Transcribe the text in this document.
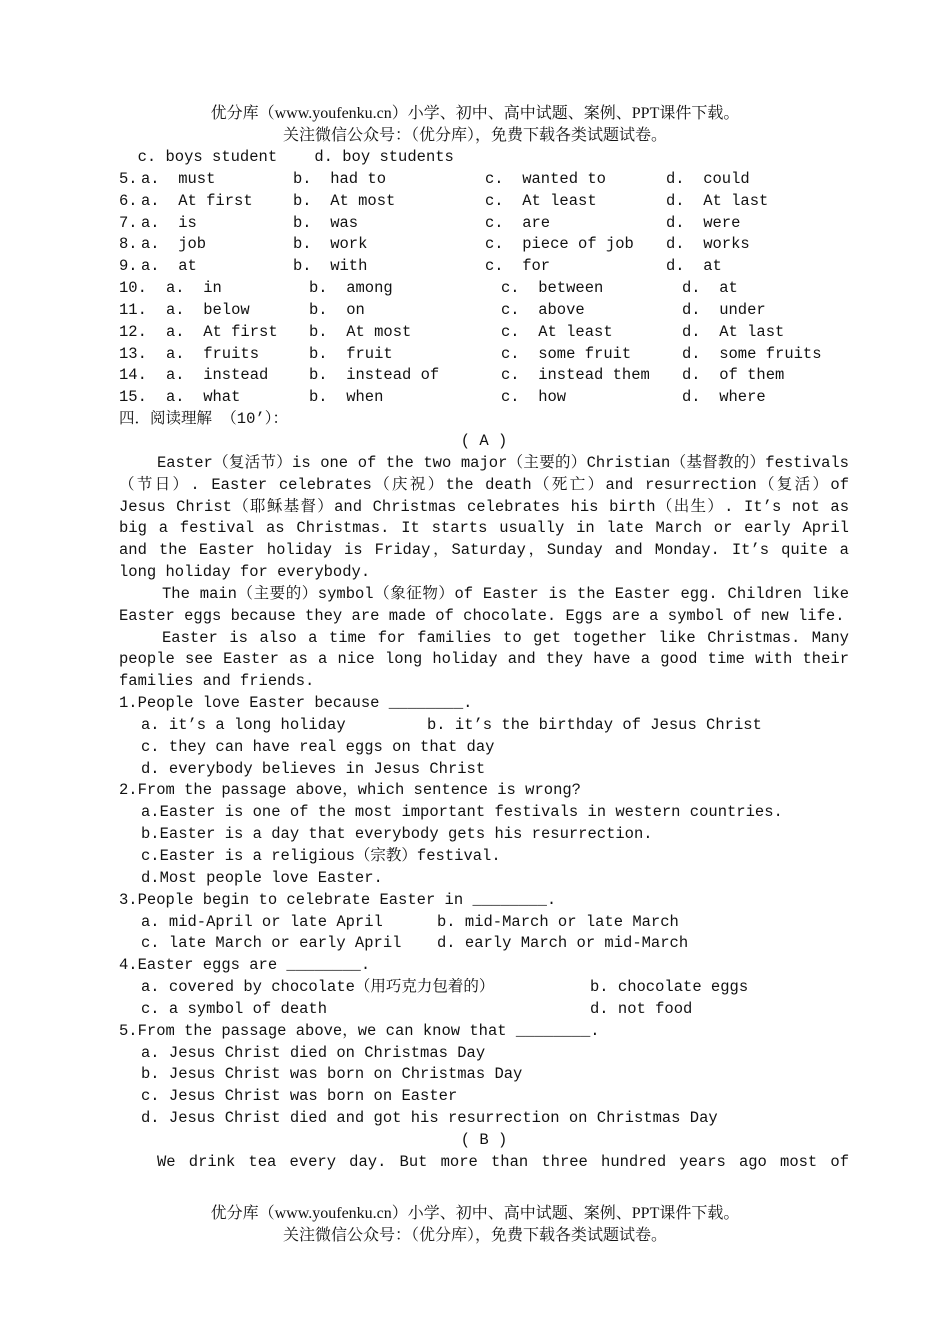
优分库（www.youfenku.cn）小学、初中、高中试题、案例、PPT课件下载。
关注微信公众号：（优分库），免费下载各类试题试卷。
c. boys student    d. boy students
5. a.  must	b.  had to	c.  wanted to	d.  could
6. a.  At first	b.  At most	c.  At least	d.  At last
7. a.  is	b.  was	c.  are	d.  were
8. a.  job	b.  work	c.  piece of job d.  works
9. a.  at	b.  with	c.  for	d.  at
10. a.  in	b.  among	c.  between	d.  at
11. a.  below	b.  on	c.  above	d.  under
12. a.  At first b.  At most	c.  At least	d.  At last
13. a.  fruits	b.  fruit	c.  some fruit	d.  some fruits
14. a.  instead	b.  instead of	c.  instead them d.  of them
15. a.  what	b.  when	c.  how	d.  where
四．阅读理解 （10’）：
( A )
Easter（复活节）is one of the two major（主要的）Christian（基督教的）festivals（节日）. Easter celebrates（庆祝）the death（死亡）and resurrection（复活）of Jesus Christ（耶稣基督）and Christmas celebrates his birth（出生）. It’s not as big a festival as Christmas. It starts usually in late March or early April and the Easter holiday is Friday，Saturday，Sunday and Monday. It’s quite a long holiday for everybody.
The main（主要的）symbol（象征物）of Easter is the Easter egg. Children like Easter eggs because they are made of chocolate. Eggs are a symbol of new life.
Easter is also a time for families to get together like Christmas. Many people see Easter as a nice long holiday and they have a good time with their families and friends.
1.People love Easter because ________.

a. it’s a long holiday

	b. it’s the birthday of Jesus Christ

c. they can have real eggs on that day
d. everybody believes in Jesus Christ
2.From the passage above，which sentence is wrong?
a.Easter is one of the most important festivals in western countries.
b.Easter is a day that everybody gets his resurrection.
c.Easter is a religious（宗教）festival.
d.Most people love Easter.
3.People begin to celebrate Easter in ________.

a. mid-April or late April

	b. mid-March or late March

c. late March or early April

d. early March or mid-March

4.Easter eggs are ________.

a. covered by chocolate（用巧克力包着的）

	b. chocolate eggs

c. a symbol of death

	d. not food

5.From the passage above，we can know that ________.
a. Jesus Christ died on Christmas Day
b. Jesus Christ was born on Christmas Day
c. Jesus Christ was born on Easter
d. Jesus Christ died and got his resurrection on Christmas Day
( B )
We drink tea every day. But more than three hundred years ago most of
优分库（www.youfenku.cn）小学、初中、高中试题、案例、PPT课件下载。
关注微信公众号：（优分库），免费下载各类试题试卷。
